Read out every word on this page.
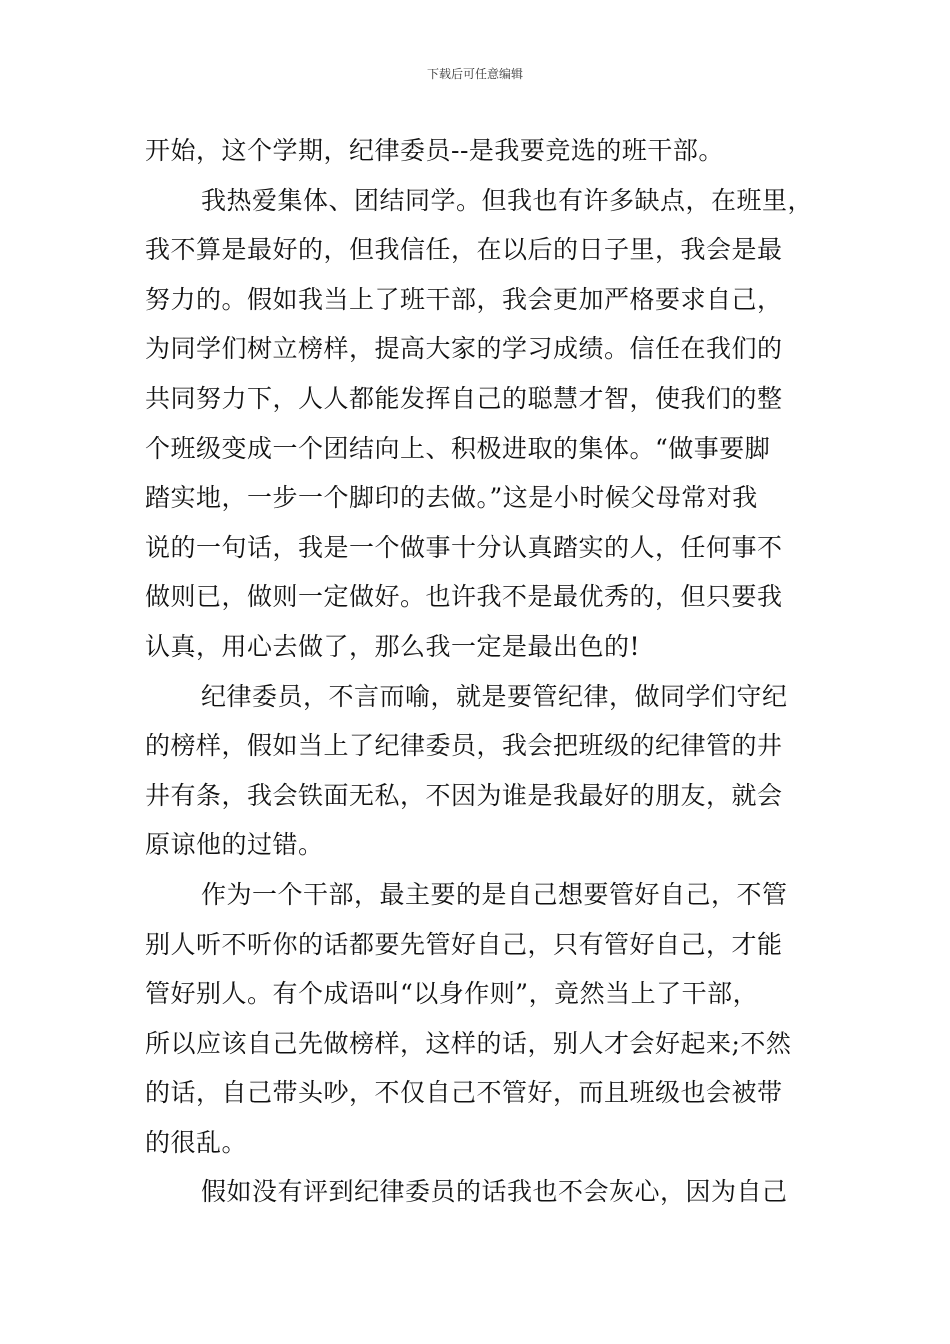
下载后可任意编辑
开始，这个学期，纪律委员--是我要竞选的班干部。
我热爱集体、团结同学。但我也有许多缺点，在班里，
我不算是最好的，但我信任，在以后的日子里，我会是最
努力的。假如我当上了班干部，我会更加严格要求自己，
为同学们树立榜样，提高大家的学习成绩。信任在我们的
共同努力下，人人都能发挥自己的聪慧才智，使我们的整
个班级变成一个团结向上、积极进取的集体。“做事要脚
踏实地，一步一个脚印的去做。”这是小时候父母常对我
说的一句话，我是一个做事十分认真踏实的人，任何事不
做则已，做则一定做好。也许我不是最优秀的，但只要我
认真，用心去做了，那么我一定是最出色的!
纪律委员，不言而喻，就是要管纪律，做同学们守纪
的榜样，假如当上了纪律委员，我会把班级的纪律管的井
井有条，我会铁面无私，不因为谁是我最好的朋友，就会
原谅他的过错。
作为一个干部，最主要的是自己想要管好自己，不管
别人听不听你的话都要先管好自己，只有管好自己，才能
管好别人。有个成语叫“以身作则”，竟然当上了干部，
所以应该自己先做榜样，这样的话，别人才会好起来;不然
的话，自己带头吵，不仅自己不管好，而且班级也会被带
的很乱。
假如没有评到纪律委员的话我也不会灰心，因为自己
